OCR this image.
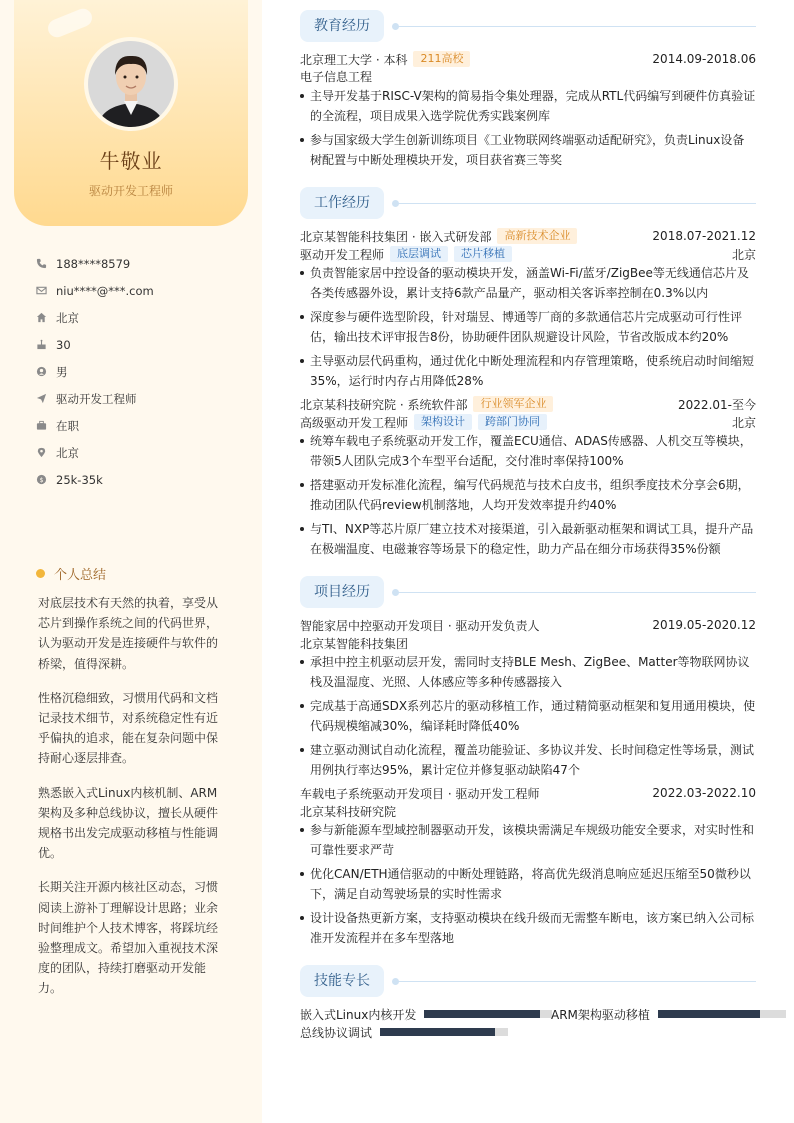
牛敬业
驱动开发工程师
188****8579
niu****@***.com
北京
30
男
驱动开发工程师
在职
北京
$ 25k-35k
个人总结

对底层技术有天然的执着，享受从芯片到操作系统之间的代码世界，认为驱动开发是连接硬件与软件的桥梁，值得深耕。

性格沉稳细致，习惯用代码和文档记录技术细节，对系统稳定性有近乎偏执的追求，能在复杂问题中保持耐心逐层排查。

熟悉嵌入式Linux内核机制、ARM架构及多种总线协议，擅长从硬件规格书出发完成驱动移植与性能调优。

长期关注开源内核社区动态，习惯阅读上游补丁理解设计思路；业余时间维护个人技术博客，将踩坑经验整理成文。希望加入重视技术深度的团队，持续打磨驱动开发能力。

教育经历
北京理工大学 · 本科	211高校	2014.09-2018.06
电子信息工程
主导开发基于RISC-V架构的简易指令集处理器，完成从RTL代码编写到硬件仿真验证的全流程，项目成果入选学院优秀实践案例库
参与国家级大学生创新训练项目《工业物联网终端驱动适配研究》，负责Linux设备树配置与中断处理模块开发，项目获省赛三等奖
工作经历
北京某智能科技集团 · 嵌入式研发部	高新技术企业	2018.07-2021.12
驱动开发工程师	底层调试	芯片移植	北京
负责智能家居中控设备的驱动模块开发，涵盖Wi-Fi/蓝牙/ZigBee等无线通信芯片及各类传感器外设，累计支持6款产品量产，驱动相关客诉率控制在0.3%以内
深度参与硬件选型阶段，针对瑞昱、博通等厂商的多款通信芯片完成驱动可行性评估，输出技术评审报告8份，协助硬件团队规避设计风险，节省改版成本约20%
主导驱动层代码重构，通过优化中断处理流程和内存管理策略，使系统启动时间缩短35%，运行时内存占用降低28%
北京某科技研究院 · 系统软件部	行业领军企业	2022.01-至今
高级驱动开发工程师	架构设计	跨部门协同	北京
统筹车载电子系统驱动开发工作，覆盖ECU通信、ADAS传感器、人机交互等模块，带领5人团队完成3个车型平台适配，交付准时率保持100%
搭建驱动开发标准化流程，编写代码规范与技术白皮书，组织季度技术分享会6期，推动团队代码review机制落地，人均开发效率提升约40%
与TI、NXP等芯片原厂建立技术对接渠道，引入最新驱动框架和调试工具，提升产品在极端温度、电磁兼容等场景下的稳定性，助力产品在细分市场获得35%份额
项目经历
智能家居中控驱动开发项目 · 驱动开发负责人	2019.05-2020.12
北京某智能科技集团
承担中控主机驱动层开发，需同时支持BLE Mesh、ZigBee、Matter等物联网协议栈及温湿度、光照、人体感应等多种传感器接入
完成基于高通SDX系列芯片的驱动移植工作，通过精简驱动框架和复用通用模块，使代码规模缩减30%，编译耗时降低40%
建立驱动测试自动化流程，覆盖功能验证、多协议并发、长时间稳定性等场景，测试用例执行率达95%，累计定位并修复驱动缺陷47个
车载电子系统驱动开发项目 · 驱动开发工程师	2022.03-2022.10
北京某科技研究院
参与新能源车型域控制器驱动开发，该模块需满足车规级功能安全要求，对实时性和可靠性要求严苛
优化CAN/ETH通信驱动的中断处理链路，将高优先级消息响应延迟压缩至50微秒以下，满足自动驾驶场景的实时性需求
设计设备热更新方案，支持驱动模块在线升级而无需整车断电，该方案已纳入公司标准开发流程并在多车型落地
技能专长
嵌入式Linux内核开发	ARM架构驱动移植
总线协议调试
